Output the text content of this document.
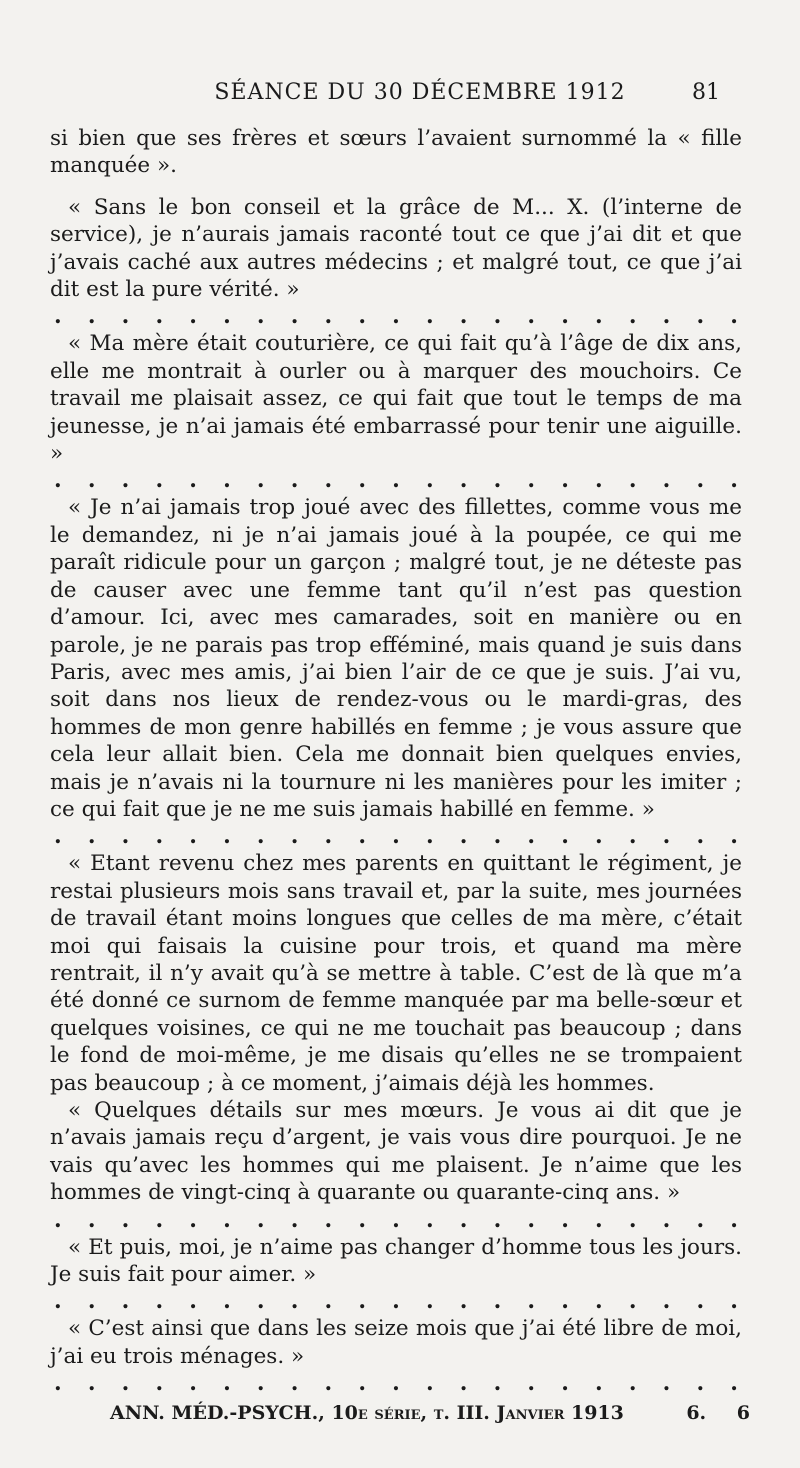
SÉANCE DU 30 DÉCEMBRE 1912	81

si bien que ses frères et sœurs l’avaient surnommé la « fille manquée ».

« Sans le bon conseil et la grâce de M... X. (l’interne de service), je n’aurais jamais raconté tout ce que j’ai dit et que j’avais caché aux autres médecins ; et malgré tout, ce que j’ai dit est la pure vérité. »

. . . . . . . . . . . . . . . . . . . . .

« Ma mère était couturière, ce qui fait qu’à l’âge de dix ans, elle me montrait à ourler ou à marquer des mouchoirs. Ce travail me plaisait assez, ce qui fait que tout le temps de ma jeunesse, je n’ai jamais été embarrassé pour tenir une aiguille. »

. . . . . . . . . . . . . . . . . . . . .

« Je n’ai jamais trop joué avec des fillettes, comme vous me le demandez, ni je n’ai jamais joué à la poupée, ce qui me paraît ridicule pour un garçon ; malgré tout, je ne déteste pas de causer avec une femme tant qu’il n’est pas question d’amour. Ici, avec mes camarades, soit en manière ou en parole, je ne parais pas trop efféminé, mais quand je suis dans Paris, avec mes amis, j’ai bien l’air de ce que je suis. J’ai vu, soit dans nos lieux de rendez-vous ou le mardi-gras, des hommes de mon genre habillés en femme ; je vous assure que cela leur allait bien. Cela me donnait bien quelques envies, mais je n’avais ni la tournure ni les manières pour les imiter ; ce qui fait que je ne me suis jamais habillé en femme. »

. . . . . . . . . . . . . . . . . . . . .

« Etant revenu chez mes parents en quittant le régiment, je restai plusieurs mois sans travail et, par la suite, mes journées de travail étant moins longues que celles de ma mère, c’était moi qui faisais la cuisine pour trois, et quand ma mère rentrait, il n’y avait qu’à se mettre à table. C’est de là que m’a été donné ce surnom de femme manquée par ma belle-sœur et quelques voisines, ce qui ne me touchait pas beaucoup ; dans le fond de moi-même, je me disais qu’elles ne se trompaient pas beaucoup ; à ce moment, j’aimais déjà les hommes.

« Quelques détails sur mes mœurs. Je vous ai dit que je n’avais jamais reçu d’argent, je vais vous dire pourquoi. Je ne vais qu’avec les hommes qui me plaisent. Je n’aime que les hommes de vingt-cinq à quarante ou quarante-cinq ans. »

. . . . . . . . . . . . . . . . . . . . .

« Et puis, moi, je n’aime pas changer d’homme tous les jours. Je suis fait pour aimer. »

. . . . . . . . . . . . . . . . . . . . .

« C’est ainsi que dans les seize mois que j’ai été libre de moi, j’ai eu trois ménages. »

. . . . . . . . . . . . . . . . . . . . .
ANN. MÉD.-PSYCH., 10e série, t. III. Janvier 1913	6. 6
